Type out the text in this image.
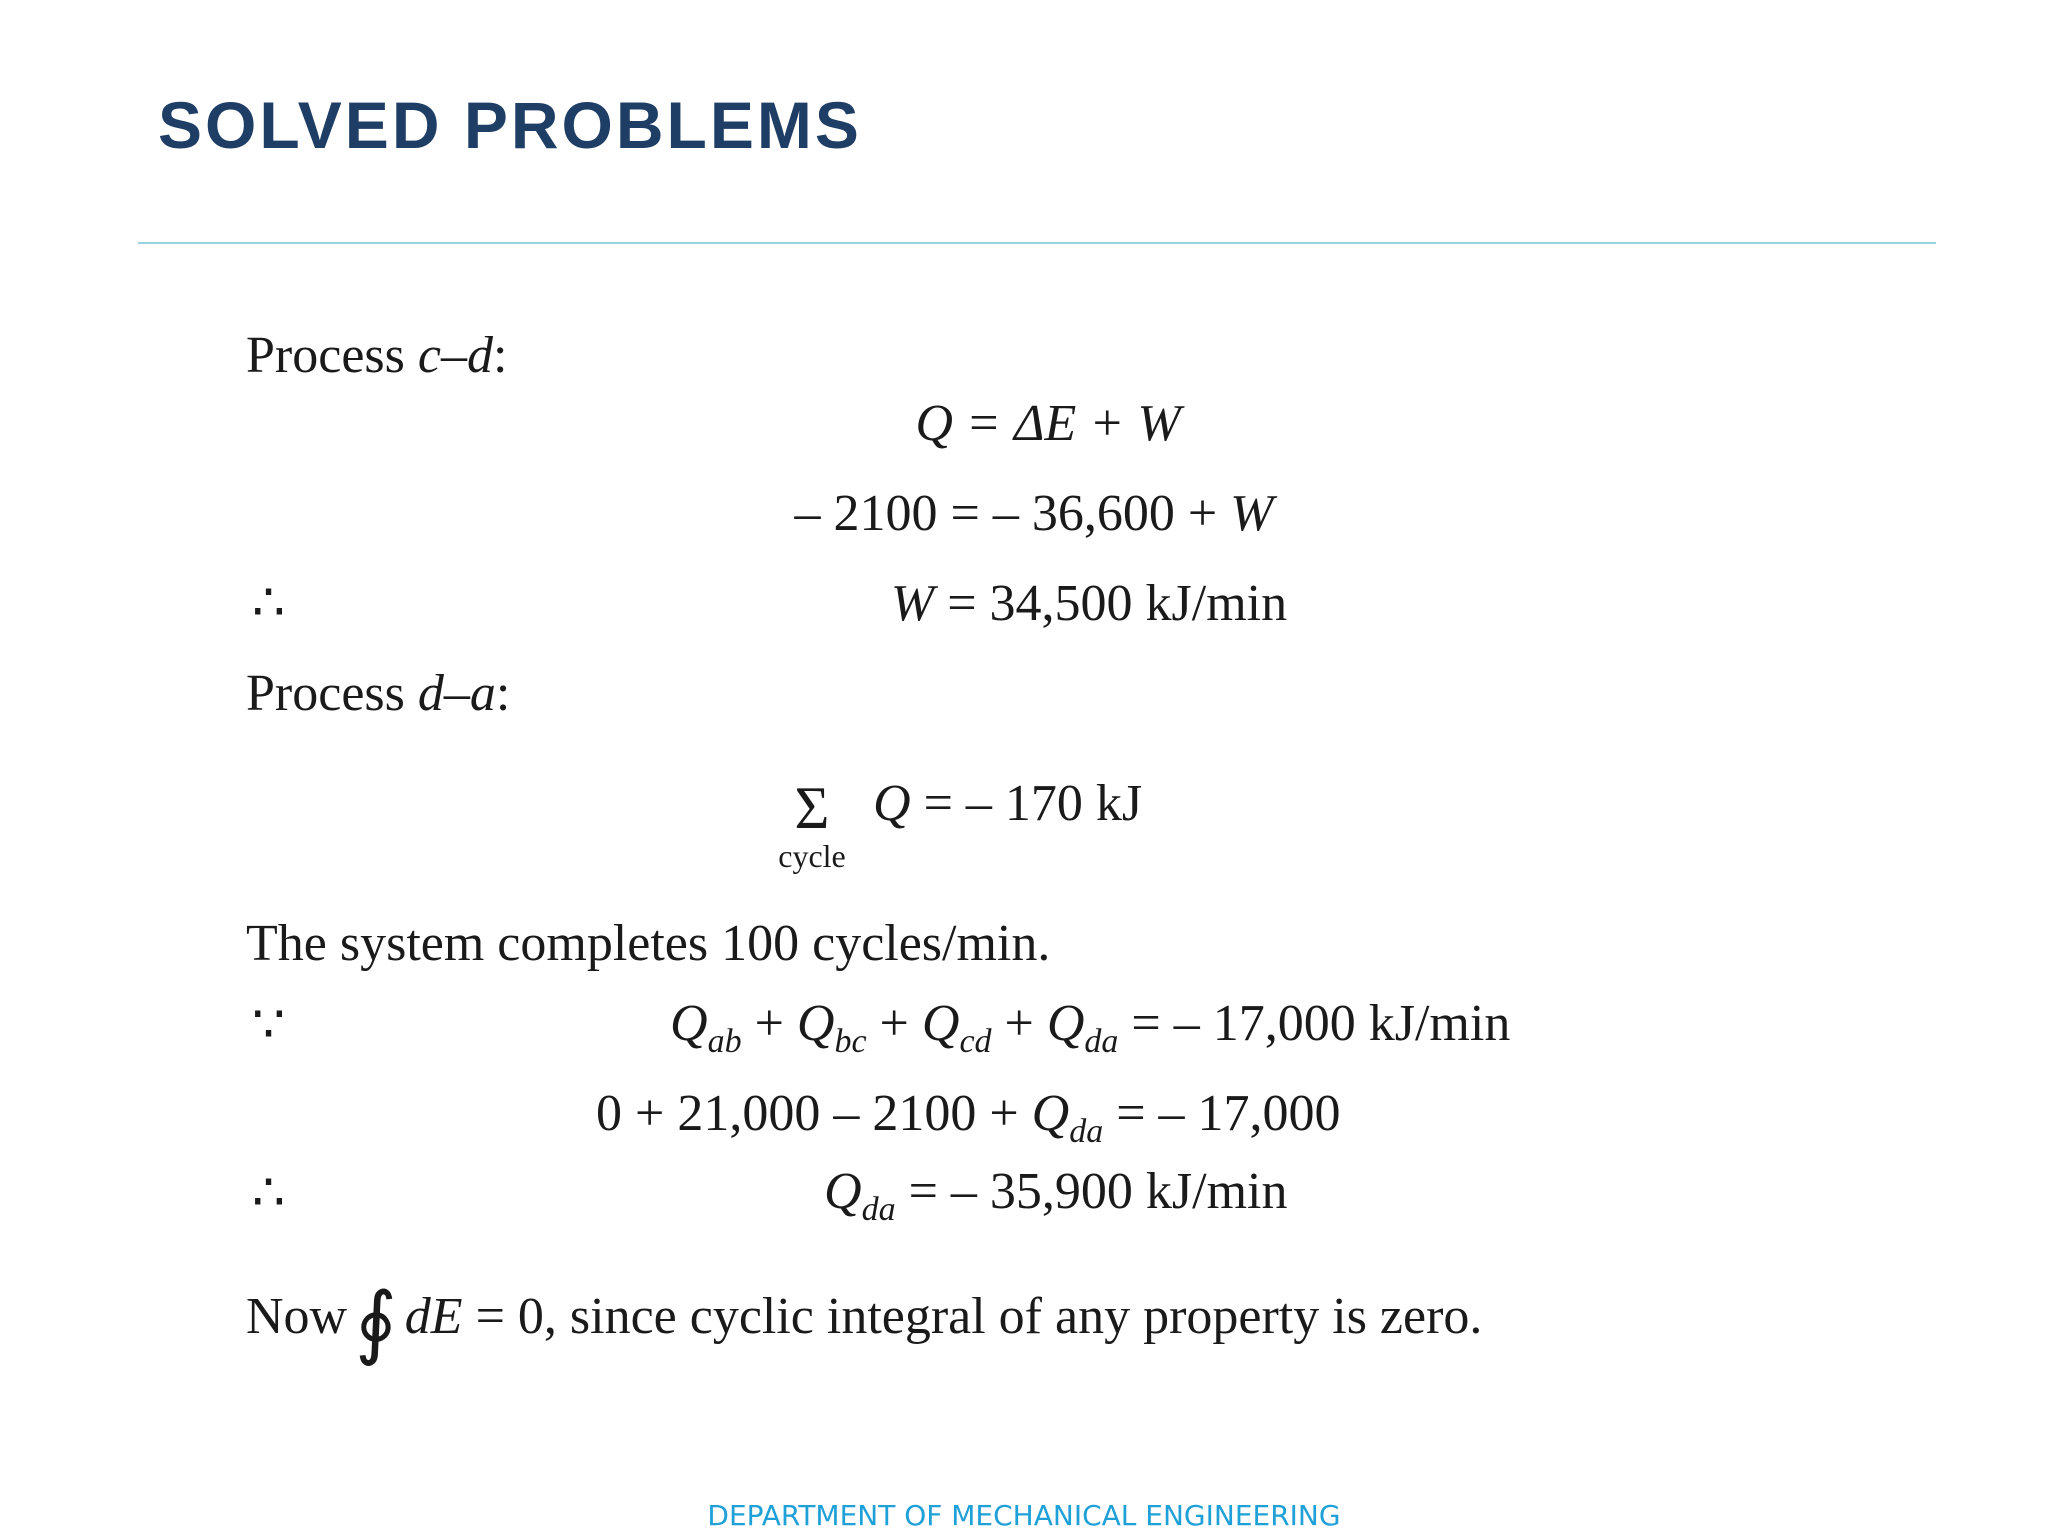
SOLVED PROBLEMS
Process c–d:
Q = ΔE + W
– 2100 = – 36,600 + W
∴	W = 34,500 kJ/min
Process d–a:
Σ
cycle
Q = – 170 kJ
The system completes 100 cycles/min.
∵	$Q_{ab} + Q_{bc} + Q_{cd} + Q_{da}$ = – 17,000 kJ/min
$0 + 21,000 - 2100 + Q_{da}$ = – 17,000
∴	$Q_{da}$ = – 35,900 kJ/min
Now ∮ dE = 0, since cyclic integral of any property is zero.
DEPARTMENT OF MECHANICAL ENGINEERING
